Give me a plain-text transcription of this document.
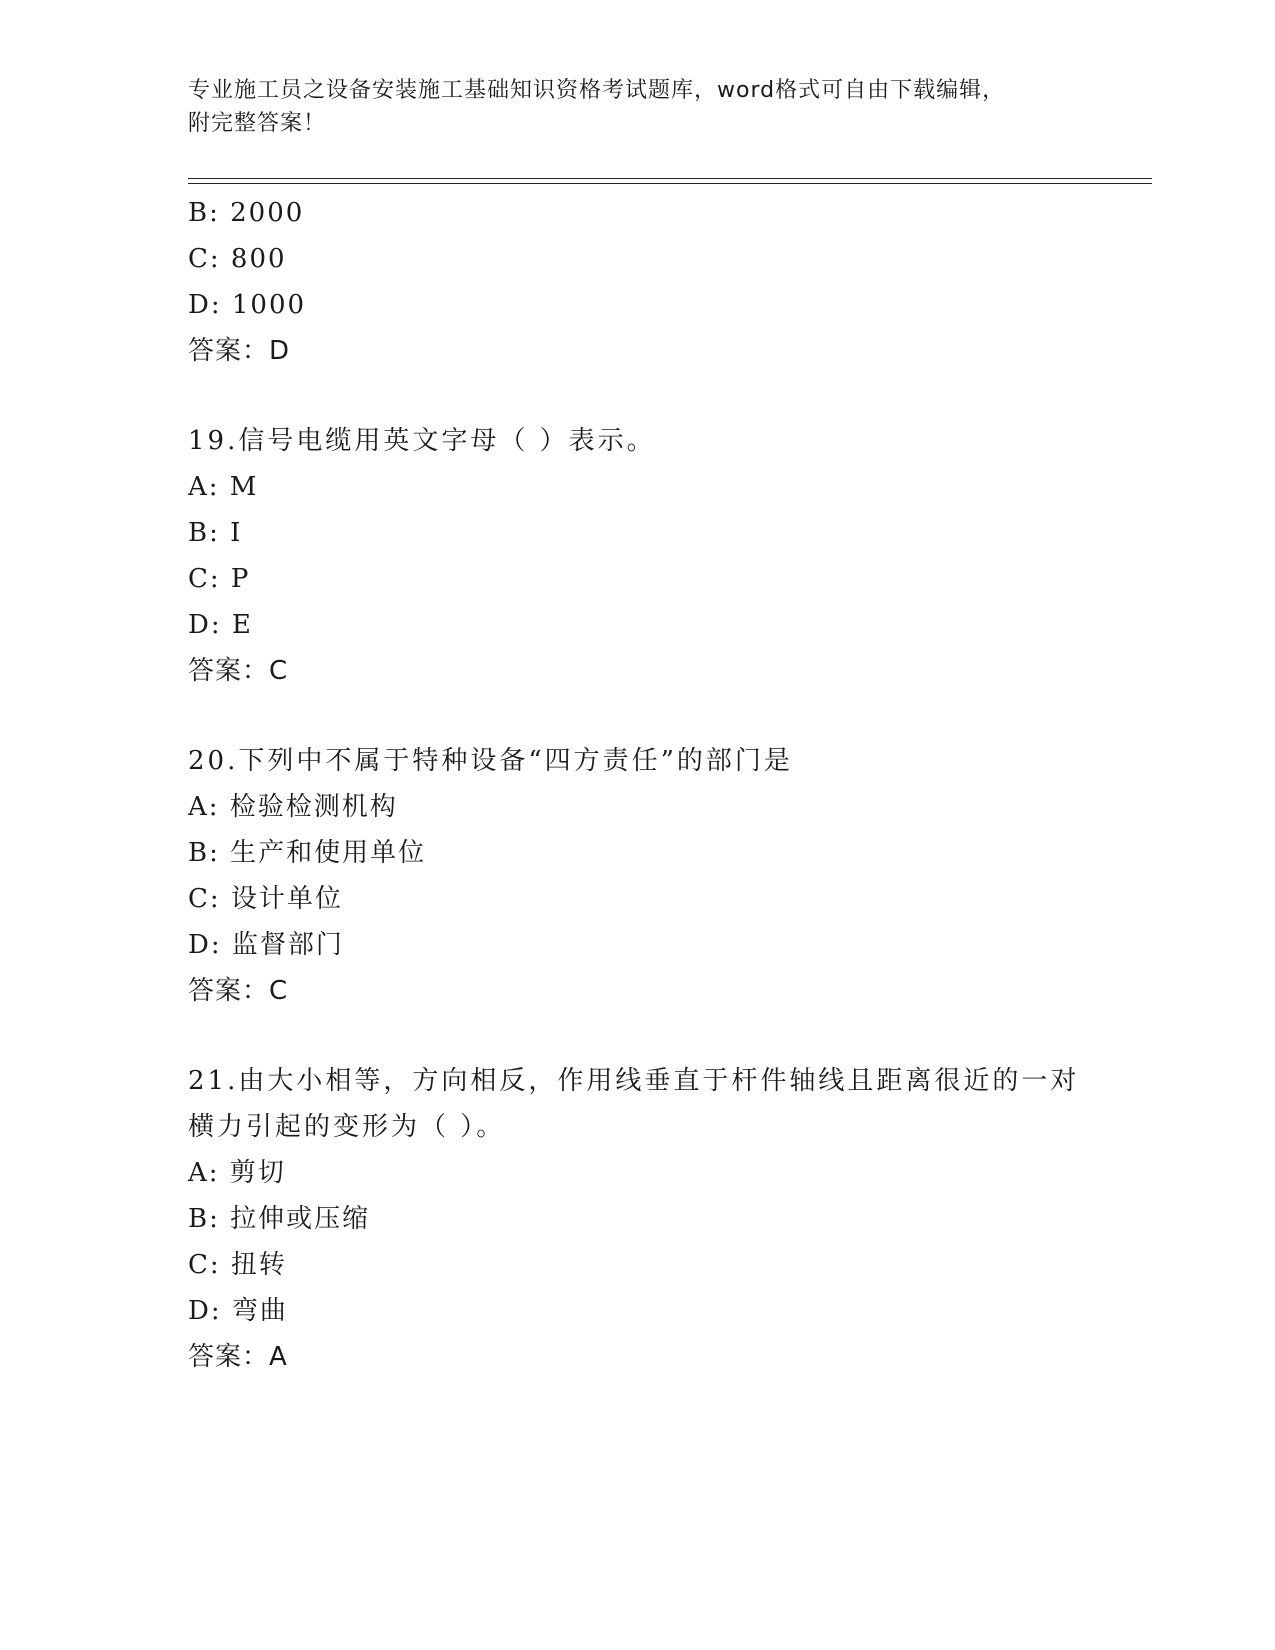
专业施工员之设备安装施工基础知识资格考试题库，word格式可自由下载编辑，
附完整答案！
B: 2000
C: 800
D: 1000
答案：D
19.信号电缆用英文字母（ ）表示。
A: M
B: I
C: P
D: E
答案：C
20.下列中不属于特种设备“四方责任”的部门是
A: 检验检测机构
B: 生产和使用单位
C: 设计单位
D: 监督部门
答案：C
21.由大小相等，方向相反，作用线垂直于杆件轴线且距离很近的一对
横力引起的变形为（ ）。
A: 剪切
B: 拉伸或压缩
C: 扭转
D: 弯曲
答案：A
